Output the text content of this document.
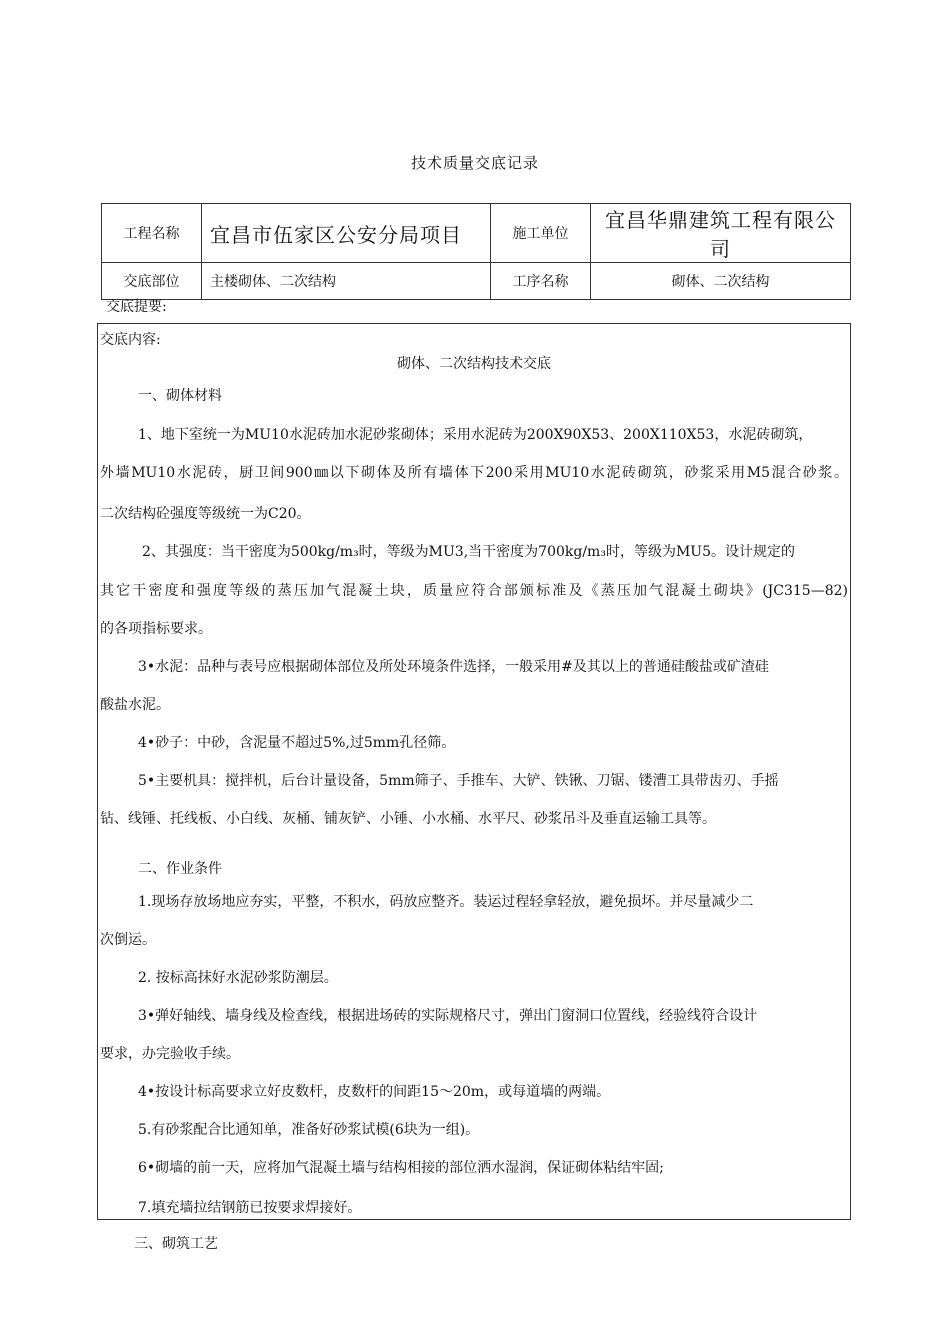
技术质量交底记录
工程名称	宜昌市伍家区公安分局项目	施工单位	宜昌华鼎建筑工程有限公司
交底部位	主楼砌体、二次结构	工序名称	砌体、二次结构
交底提要:
交底内容:
砌体、二次结构技术交底
一、砌体材料
1、地下室统一为MU10水泥砖加水泥砂浆砌体；采用水泥砖为200X90X53、200X110X53，水泥砖砌筑，
外墙MU10水泥砖，厨卫间900㎜以下砌体及所有墙体下200采用MU10水泥砖砌筑，砂浆采用M5混合砂浆。
二次结构砼强度等级统一为C20。
2、其强度：当干密度为500kg/m₃时，等级为MU3,当干密度为700kg/m₃时，等级为MU5。设计规定的
其它干密度和强度等级的蒸压加气混凝土块，质量应符合部颁标准及《蒸压加气混凝土砌块》(JC315—82)
的各项指标要求。
3•水泥：品种与表号应根据砌体部位及所处环境条件选择，一般采用#及其以上的普通硅酸盐或矿渣硅
酸盐水泥。
4•砂子：中砂，含泥量不超过5%,过5mm孔径筛。
5•主要机具：搅拌机，后台计量设备，5mm筛子、手推车、大铲、铁锹、刀锯、镂漕工具带齿刃、手摇
钻、线锤、托线板、小白线、灰桶、铺灰铲、小锤、小水桶、水平尺、砂浆吊斗及垂直运输工具等。
二、作业条件
1.现场存放场地应夯实，平整，不积水，码放应整齐。装运过程轻拿轻放，避免损坏。并尽量减少二
次倒运。
2. 按标高抹好水泥砂浆防潮层。
3•弹好轴线、墙身线及检查线，根据进场砖的实际规格尺寸，弹出门窗洞口位置线，经验线符合设计
要求，办完验收手续。
4•按设计标高要求立好皮数杆，皮数杆的间距15〜20m，或每道墙的两端。
5.有砂浆配合比通知单，准备好砂浆试模(6块为一组)。
6•砌墙的前一天，应将加气混凝土墙与结构相接的部位洒水湿润，保证砌体粘结牢固;
7.填充墙拉结钢筋已按要求焊接好。
三、砌筑工艺
